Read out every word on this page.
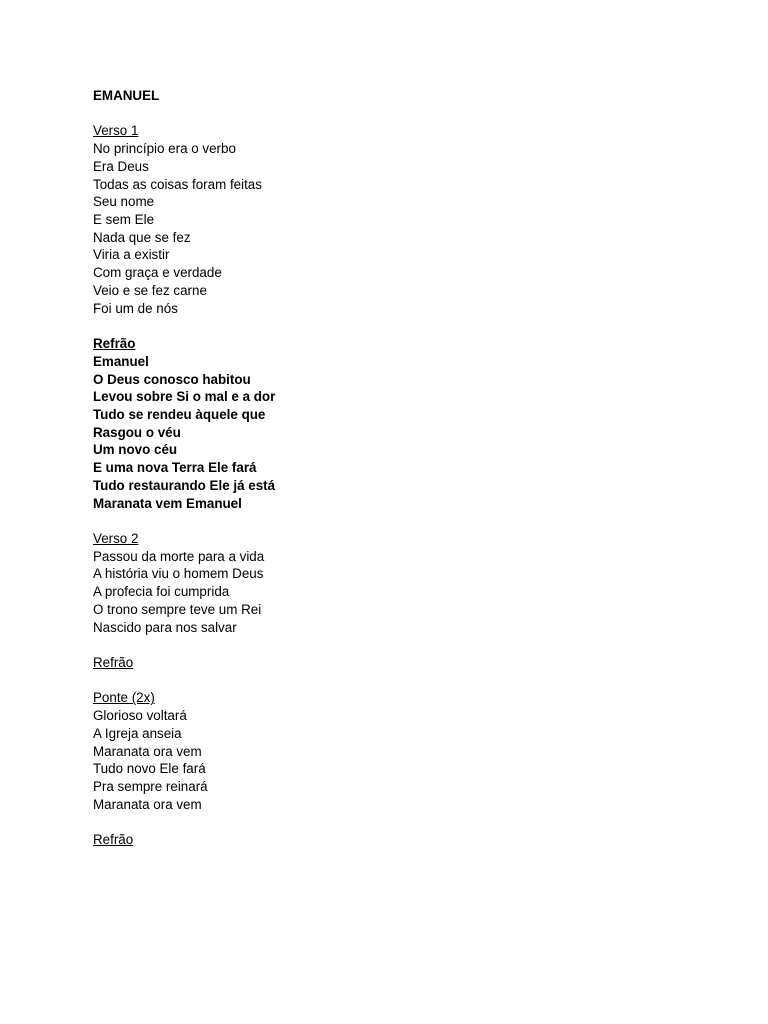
EMANUEL
Verso 1
No princípio era o verbo
Era Deus
Todas as coisas foram feitas
Seu nome
E sem Ele
Nada que se fez
Viria a existir
Com graça e verdade
Veio e se fez carne
Foi um de nós
Refrão
Emanuel
O Deus conosco habitou
Levou sobre Si o mal e a dor
Tudo se rendeu àquele que
Rasgou o véu
Um novo céu
E uma nova Terra Ele fará
Tudo restaurando Ele já está
Maranata vem Emanuel
Verso 2
Passou da morte para a vida
A história viu o homem Deus
A profecia foi cumprida
O trono sempre teve um Rei
Nascido para nos salvar
Refrão
Ponte (2x)
Glorioso voltará
A Igreja anseia
Maranata ora vem
Tudo novo Ele fará
Pra sempre reinará
Maranata ora vem
Refrão
